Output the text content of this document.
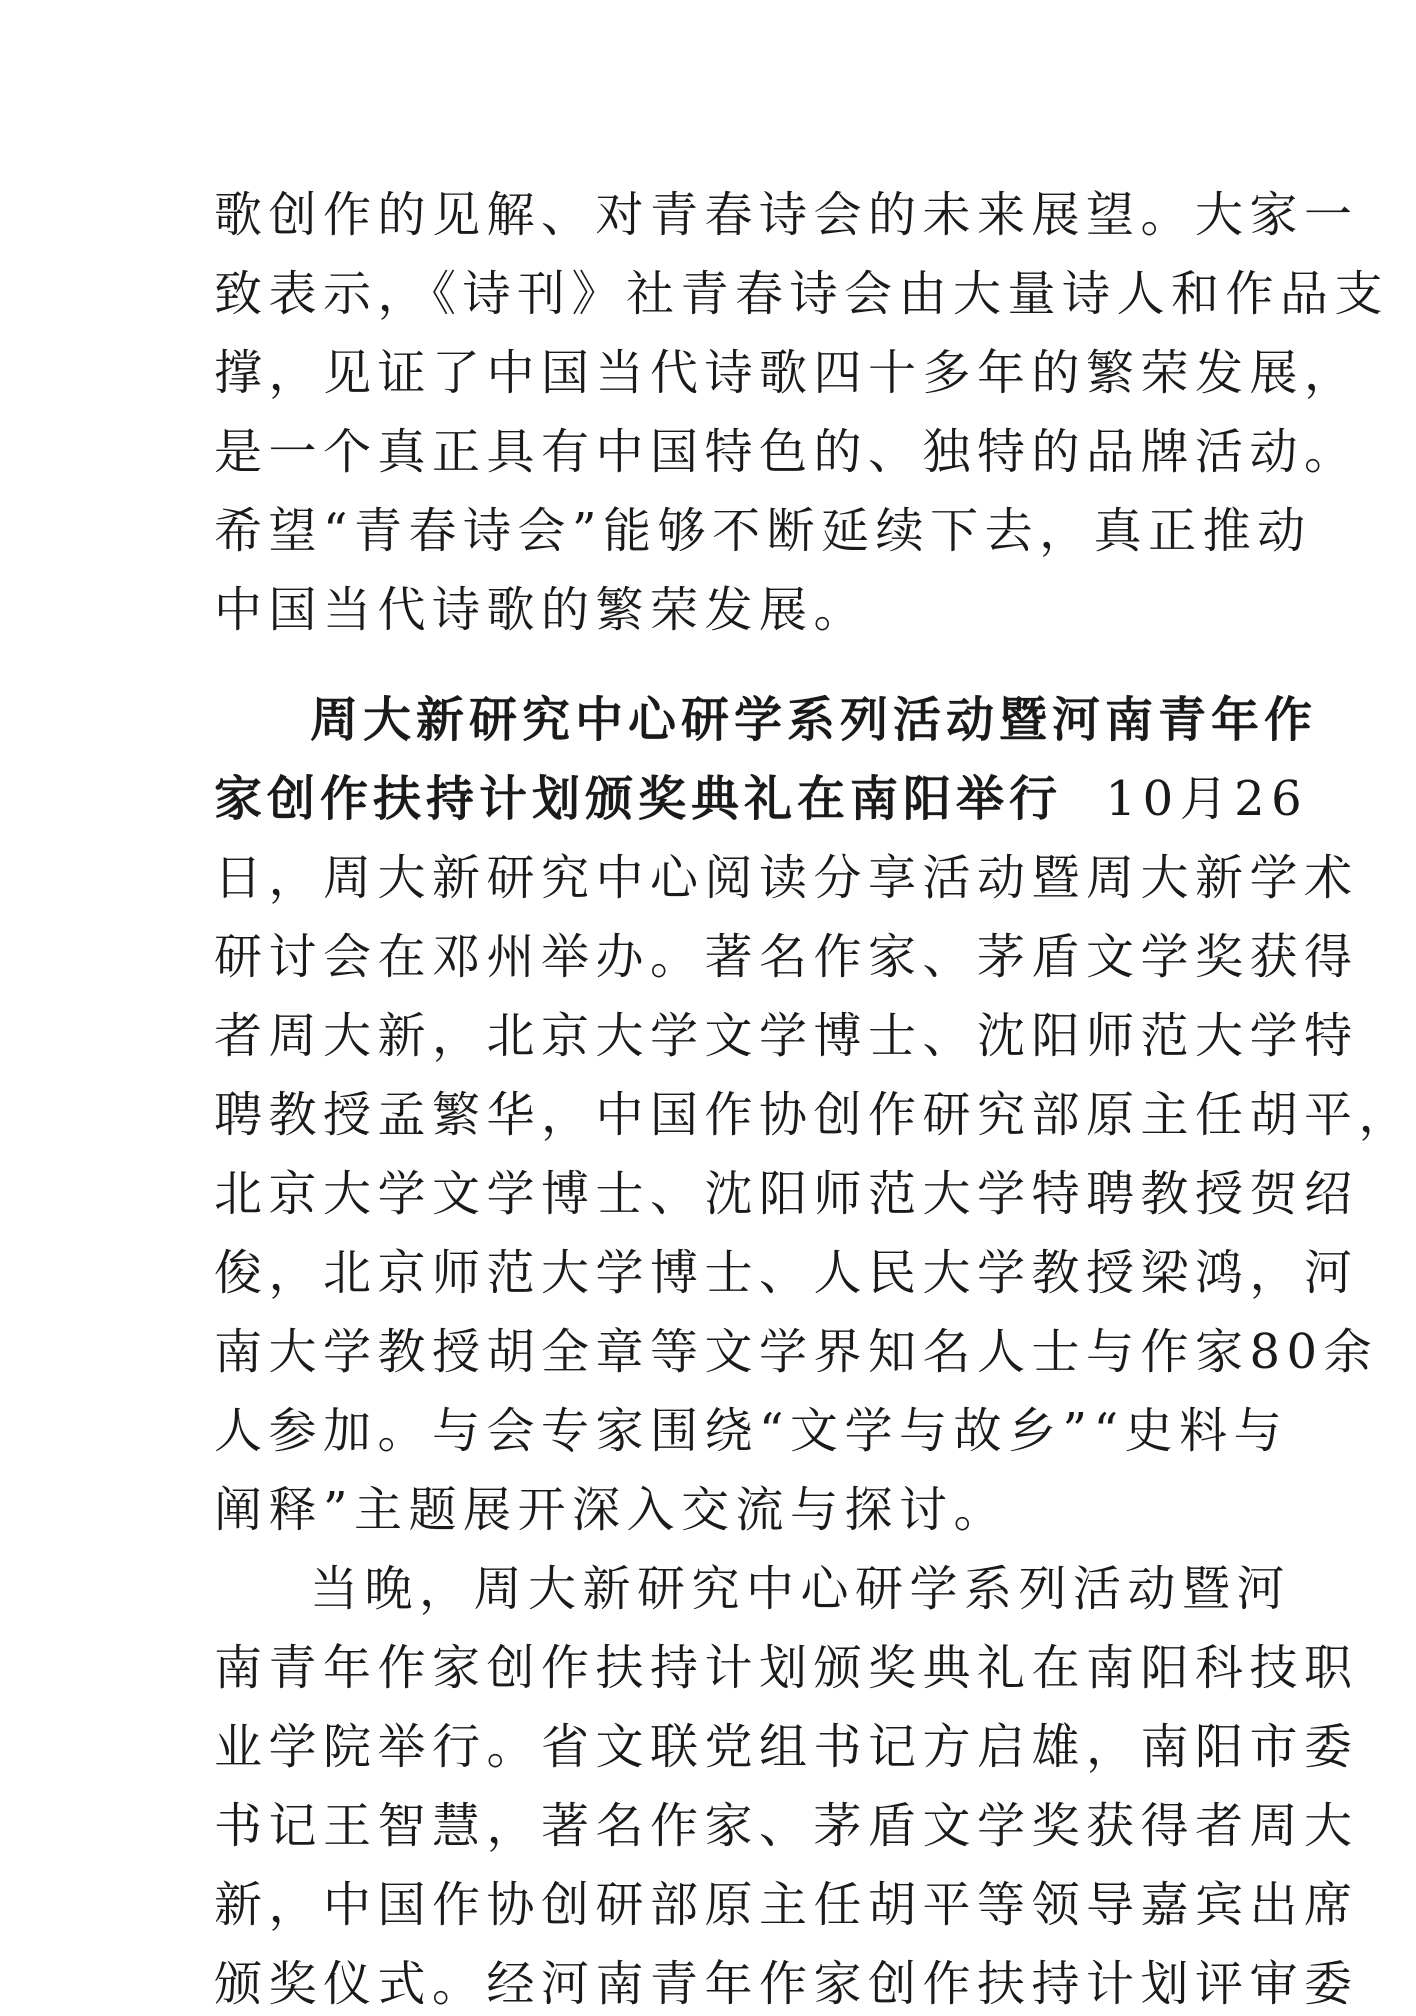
歌创作的见解、对青春诗会的未来展望。大家一
致表示，《诗刊》社青春诗会由大量诗人和作品支
撑，见证了中国当代诗歌四十多年的繁荣发展，
是一个真正具有中国特色的、独特的品牌活动。
希望“青春诗会”能够不断延续下去，真正推动
中国当代诗歌的繁荣发展。
周大新研究中心研学系列活动暨河南青年作
家创作扶持计划颁奖典礼在南阳举行  10月26
日，周大新研究中心阅读分享活动暨周大新学术
研讨会在邓州举办。著名作家、茅盾文学奖获得
者周大新，北京大学文学博士、沈阳师范大学特
聘教授孟繁华，中国作协创作研究部原主任胡平，
北京大学文学博士、沈阳师范大学特聘教授贺绍
俊，北京师范大学博士、人民大学教授梁鸿，河
南大学教授胡全章等文学界知名人士与作家80余
人参加。与会专家围绕“文学与故乡”“史料与
阐释”主题展开深入交流与探讨。
当晚，周大新研究中心研学系列活动暨河
南青年作家创作扶持计划颁奖典礼在南阳科技职
业学院举行。省文联党组书记方启雄，南阳市委
书记王智慧，著名作家、茅盾文学奖获得者周大
新，中国作协创研部原主任胡平等领导嘉宾出席
颁奖仪式。经河南青年作家创作扶持计划评审委
